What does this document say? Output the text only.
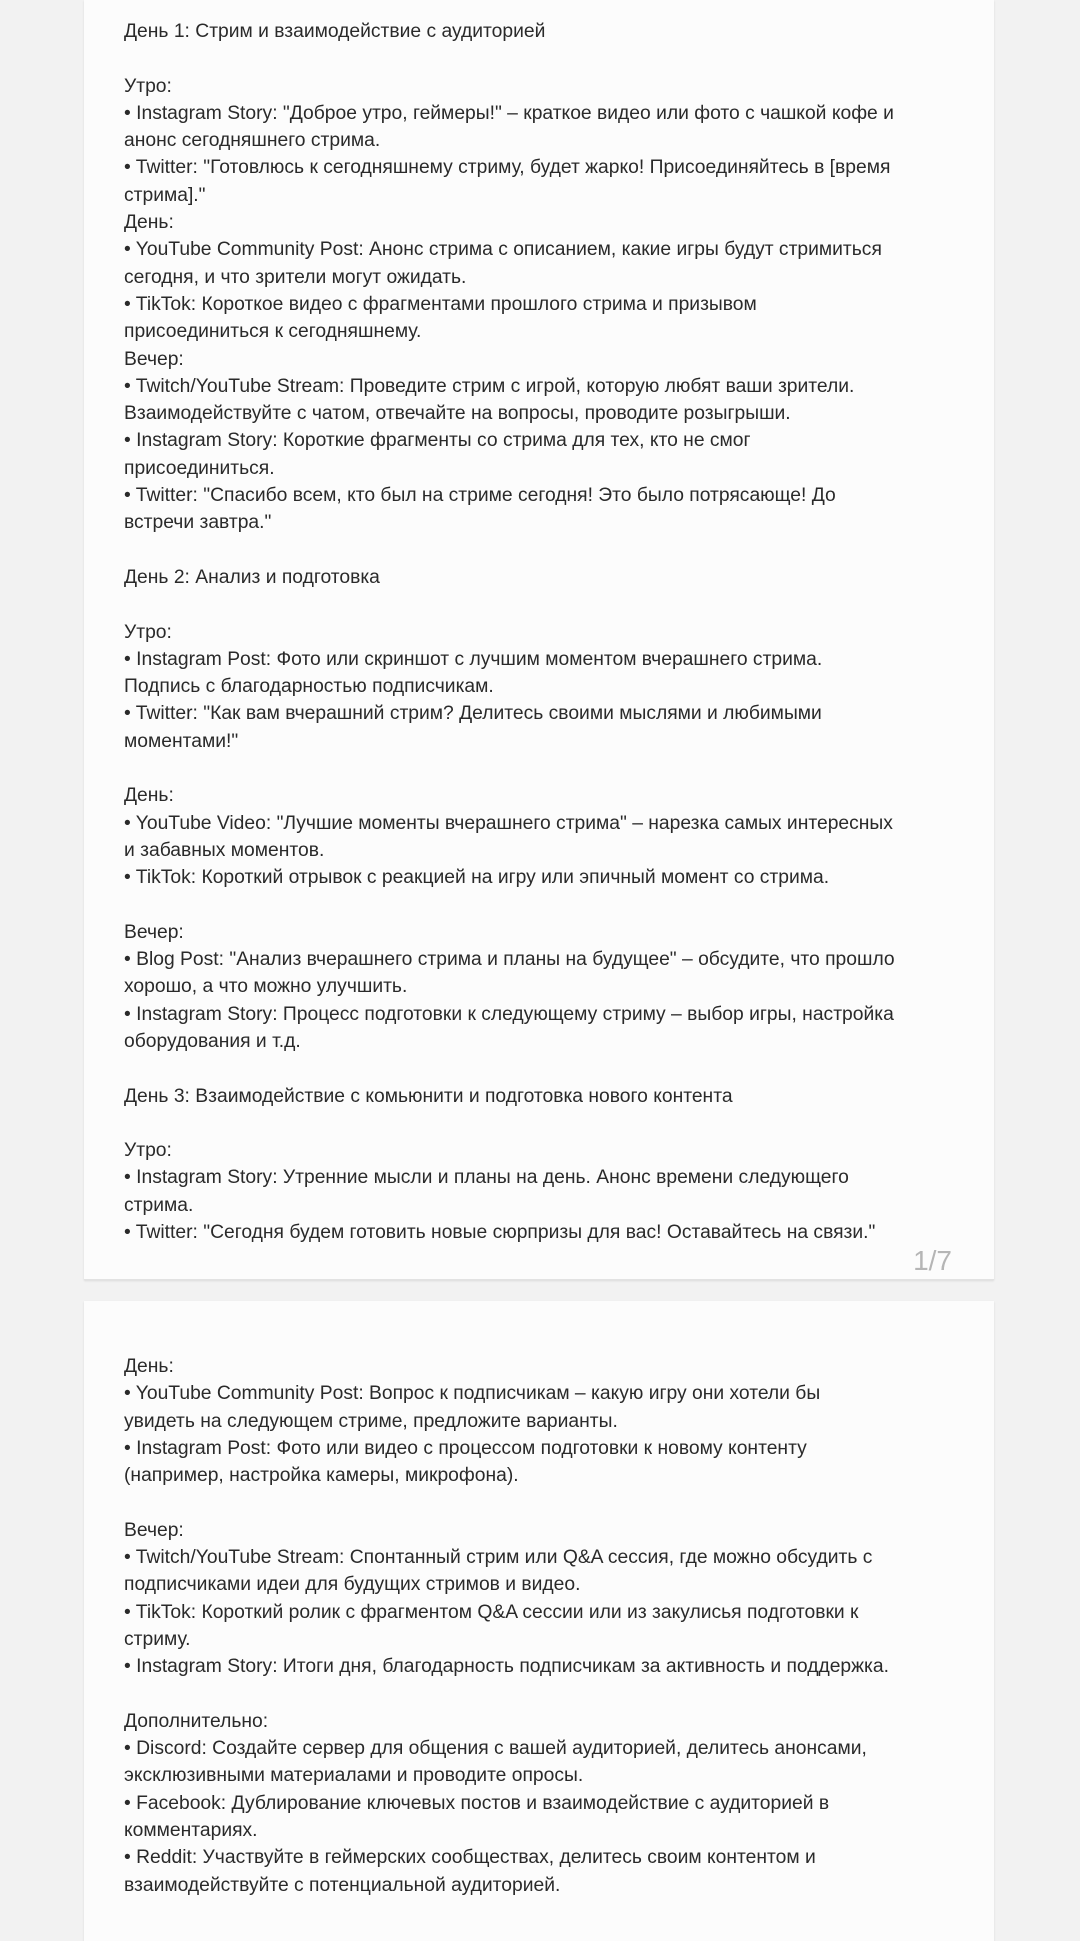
День 1: Стрим и взаимодействие с аудиторией
Утро:
• Instagram Story: "Доброе утро, геймеры!" – краткое видео или фото с чашкой кофе и
анонс сегодняшнего стрима.
• Twitter: "Готовлюсь к сегодняшнему стриму, будет жарко! Присоединяйтесь в [время
стрима]."
День:
• YouTube Community Post: Анонс стрима с описанием, какие игры будут стримиться
сегодня, и что зрители могут ожидать.
• TikTok: Короткое видео с фрагментами прошлого стрима и призывом
присоединиться к сегодняшнему.
Вечер:
• Twitch/YouTube Stream: Проведите стрим с игрой, которую любят ваши зрители.
Взаимодействуйте с чатом, отвечайте на вопросы, проводите розыгрыши.
• Instagram Story: Короткие фрагменты со стрима для тех, кто не смог
присоединиться.
• Twitter: "Спасибо всем, кто был на стриме сегодня! Это было потрясающе! До
встречи завтра."
День 2: Анализ и подготовка
Утро:
• Instagram Post: Фото или скриншот с лучшим моментом вчерашнего стрима.
Подпись с благодарностью подписчикам.
• Twitter: "Как вам вчерашний стрим? Делитесь своими мыслями и любимыми
моментами!"
День:
• YouTube Video: "Лучшие моменты вчерашнего стрима" – нарезка самых интересных
и забавных моментов.
• TikTok: Короткий отрывок с реакцией на игру или эпичный момент со стрима.
Вечер:
• Blog Post: "Анализ вчерашнего стрима и планы на будущее" – обсудите, что прошло
хорошо, а что можно улучшить.
• Instagram Story: Процесс подготовки к следующему стриму – выбор игры, настройка
оборудования и т.д.
День 3: Взаимодействие с комьюнити и подготовка нового контента
Утро:
• Instagram Story: Утренние мысли и планы на день. Анонс времени следующего
стрима.
• Twitter: "Сегодня будем готовить новые сюрпризы для вас! Оставайтесь на связи."
1/7
День:
• YouTube Community Post: Вопрос к подписчикам – какую игру они хотели бы
увидеть на следующем стриме, предложите варианты.
• Instagram Post: Фото или видео с процессом подготовки к новому контенту
(например, настройка камеры, микрофона).
Вечер:
• Twitch/YouTube Stream: Спонтанный стрим или Q&A сессия, где можно обсудить с
подписчиками идеи для будущих стримов и видео.
• TikTok: Короткий ролик с фрагментом Q&A сессии или из закулисья подготовки к
стриму.
• Instagram Story: Итоги дня, благодарность подписчикам за активность и поддержка.
Дополнительно:
• Discord: Создайте сервер для общения с вашей аудиторией, делитесь анонсами,
эксклюзивными материалами и проводите опросы.
• Facebook: Дублирование ключевых постов и взаимодействие с аудиторией в
комментариях.
• Reddit: Участвуйте в геймерских сообществах, делитесь своим контентом и
взаимодействуйте с потенциальной аудиторией.
